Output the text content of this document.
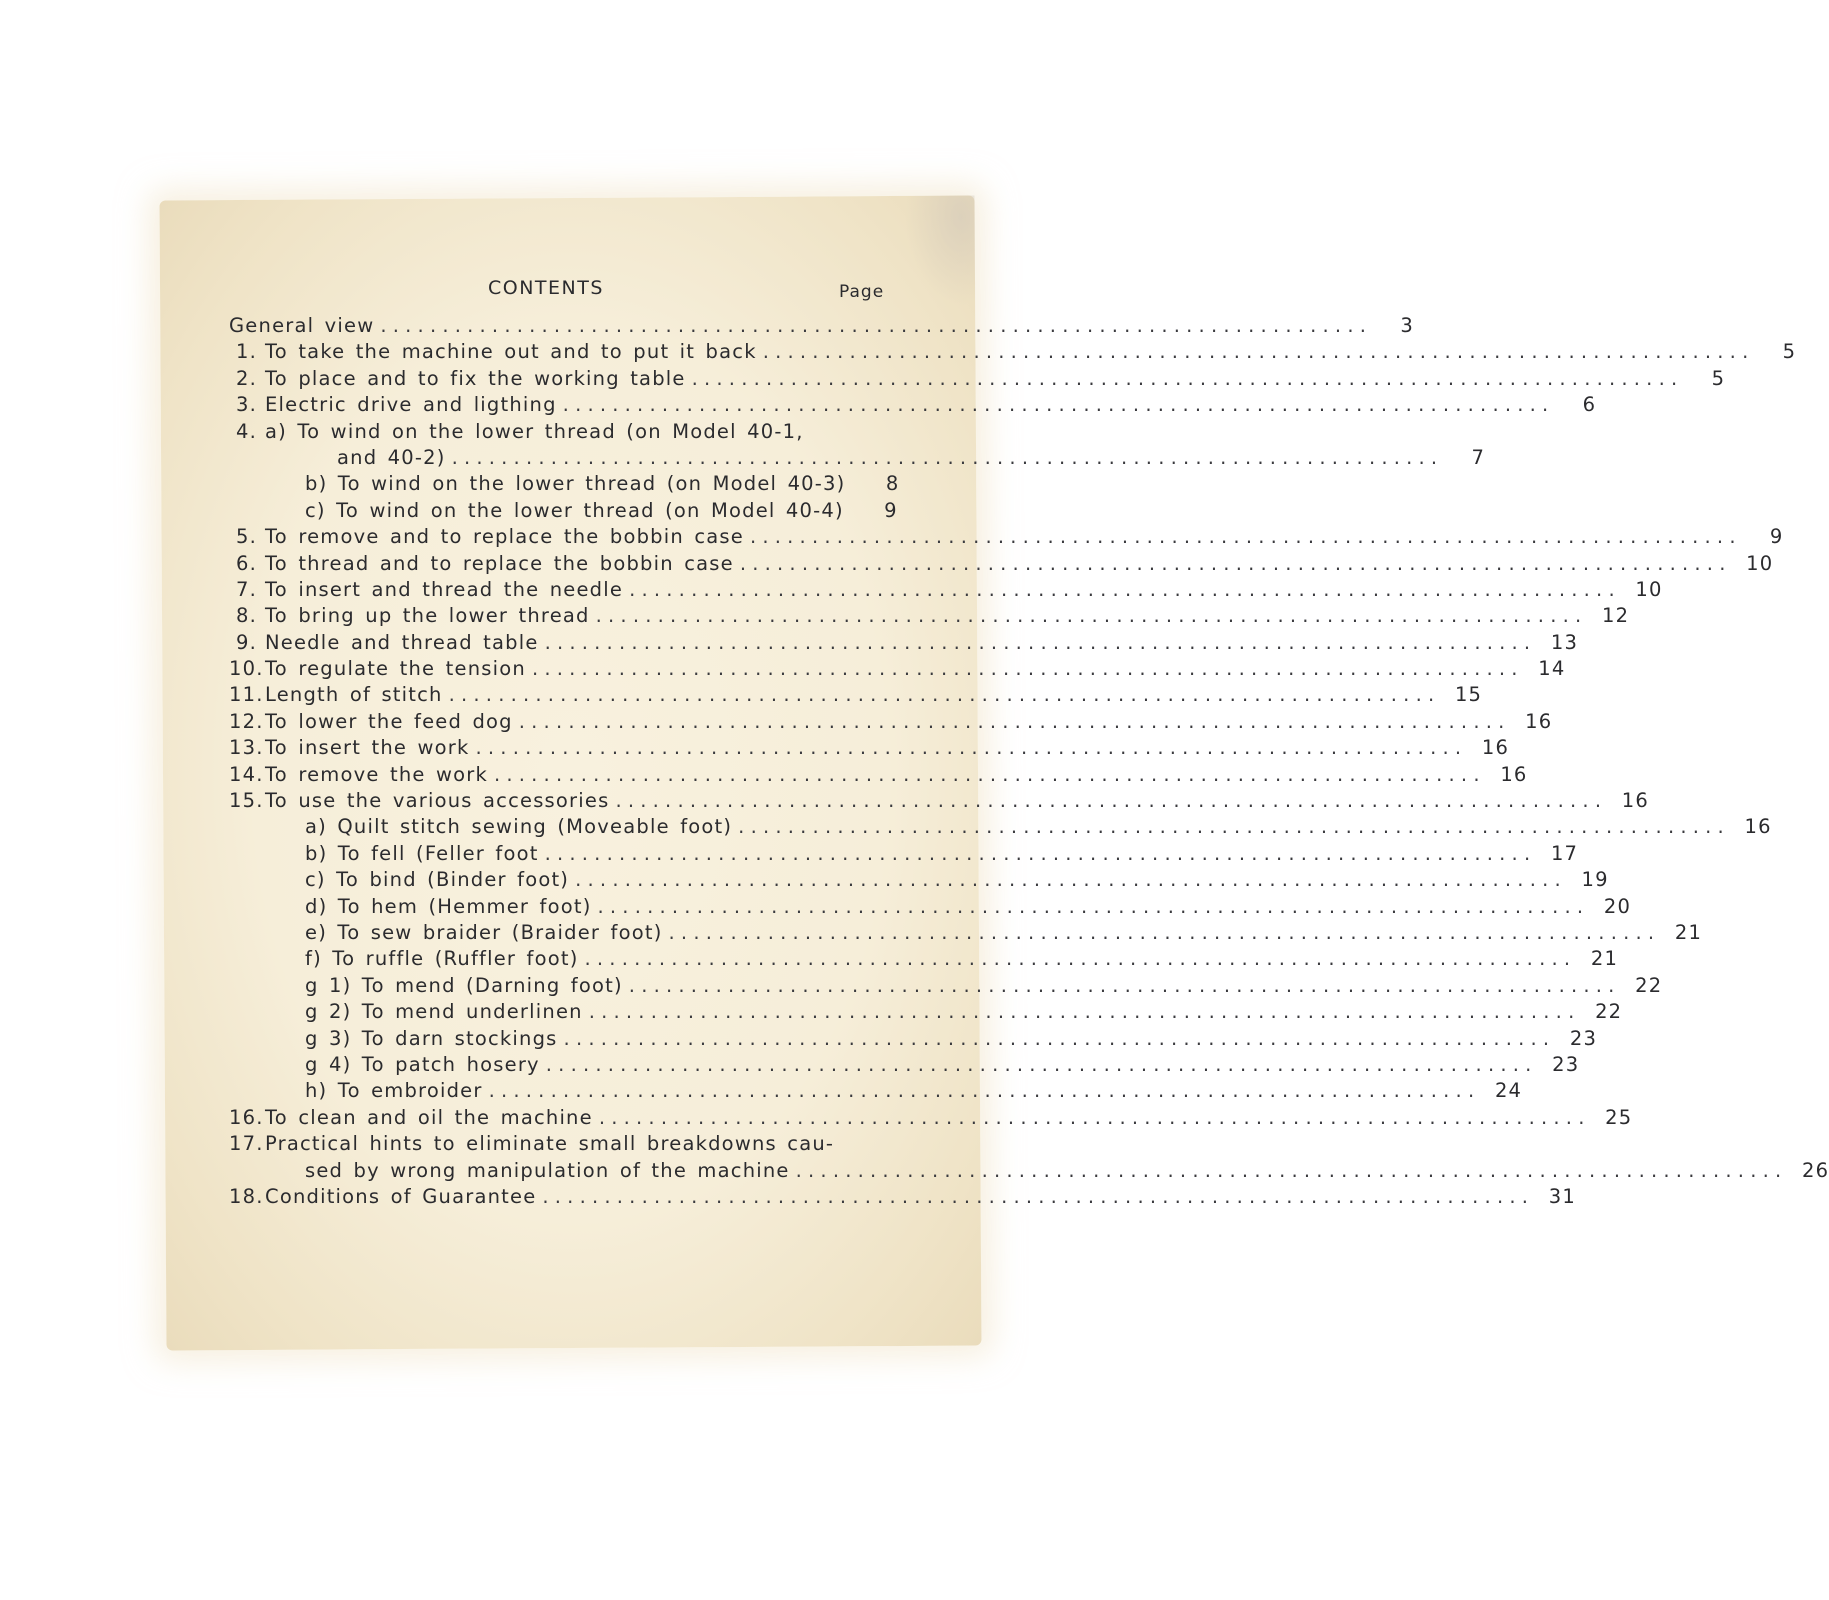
CONTENTS	Page
General view . . . . . . . . . . . . . . . . . . . . . . . . . . . . . . . . . . . . . . . . . . . . . . . . . . . . . . . . . . . . . . . . . . . . . . . . . . . . . . . .	3
1. To take the machine out and to put it back . . . . . . . . . . . . . . . . . . . . . . . . . . . . . . . . . . . . . . . . . . . . . . . . . . . . . . . . . . . . . . . . . . . . . . . . . . . . . . . .	5
2. To place and to fix the working table . . . . . . . . . . . . . . . . . . . . . . . . . . . . . . . . . . . . . . . . . . . . . . . . . . . . . . . . . . . . . . . . . . . . . . . . . . . . . . . .	5
3. Electric drive and ligthing . . . . . . . . . . . . . . . . . . . . . . . . . . . . . . . . . . . . . . . . . . . . . . . . . . . . . . . . . . . . . . . . . . . . . . . . . . . . . . . .	6
4. a) To wind on the lower thread (on Model 40-1,
and 40-2) . . . . . . . . . . . . . . . . . . . . . . . . . . . . . . . . . . . . . . . . . . . . . . . . . . . . . . . . . . . . . . . . . . . . . . . . . . . . . . . .	7
b) To wind on the lower thread (on Model 40-3)	8
c) To wind on the lower thread (on Model 40-4)	9
5. To remove and to replace the bobbin case . . . . . . . . . . . . . . . . . . . . . . . . . . . . . . . . . . . . . . . . . . . . . . . . . . . . . . . . . . . . . . . . . . . . . . . . . . . . . . . .	9
6. To thread and to replace the bobbin case . . . . . . . . . . . . . . . . . . . . . . . . . . . . . . . . . . . . . . . . . . . . . . . . . . . . . . . . . . . . . . . . . . . . . . . . . . . . . . . .	10
7. To insert and thread the needle . . . . . . . . . . . . . . . . . . . . . . . . . . . . . . . . . . . . . . . . . . . . . . . . . . . . . . . . . . . . . . . . . . . . . . . . . . . . . . . .	10
8. To bring up the lower thread . . . . . . . . . . . . . . . . . . . . . . . . . . . . . . . . . . . . . . . . . . . . . . . . . . . . . . . . . . . . . . . . . . . . . . . . . . . . . . . .	12
9. Needle and thread table . . . . . . . . . . . . . . . . . . . . . . . . . . . . . . . . . . . . . . . . . . . . . . . . . . . . . . . . . . . . . . . . . . . . . . . . . . . . . . . .	13
10. To regulate the tension . . . . . . . . . . . . . . . . . . . . . . . . . . . . . . . . . . . . . . . . . . . . . . . . . . . . . . . . . . . . . . . . . . . . . . . . . . . . . . . .	14
11. Length of stitch . . . . . . . . . . . . . . . . . . . . . . . . . . . . . . . . . . . . . . . . . . . . . . . . . . . . . . . . . . . . . . . . . . . . . . . . . . . . . . . .	15
12. To lower the feed dog . . . . . . . . . . . . . . . . . . . . . . . . . . . . . . . . . . . . . . . . . . . . . . . . . . . . . . . . . . . . . . . . . . . . . . . . . . . . . . . .	16
13. To insert the work . . . . . . . . . . . . . . . . . . . . . . . . . . . . . . . . . . . . . . . . . . . . . . . . . . . . . . . . . . . . . . . . . . . . . . . . . . . . . . . .	16
14. To remove the work . . . . . . . . . . . . . . . . . . . . . . . . . . . . . . . . . . . . . . . . . . . . . . . . . . . . . . . . . . . . . . . . . . . . . . . . . . . . . . . .	16
15. To use the various accessories . . . . . . . . . . . . . . . . . . . . . . . . . . . . . . . . . . . . . . . . . . . . . . . . . . . . . . . . . . . . . . . . . . . . . . . . . . . . . . . .	16
a) Quilt stitch sewing (Moveable foot) . . . . . . . . . . . . . . . . . . . . . . . . . . . . . . . . . . . . . . . . . . . . . . . . . . . . . . . . . . . . . . . . . . . . . . . . . . . . . . . .	16
b) To fell (Feller foot . . . . . . . . . . . . . . . . . . . . . . . . . . . . . . . . . . . . . . . . . . . . . . . . . . . . . . . . . . . . . . . . . . . . . . . . . . . . . . . .	17
c) To bind (Binder foot) . . . . . . . . . . . . . . . . . . . . . . . . . . . . . . . . . . . . . . . . . . . . . . . . . . . . . . . . . . . . . . . . . . . . . . . . . . . . . . . .	19
d) To hem (Hemmer foot) . . . . . . . . . . . . . . . . . . . . . . . . . . . . . . . . . . . . . . . . . . . . . . . . . . . . . . . . . . . . . . . . . . . . . . . . . . . . . . . .	20
e) To sew braider (Braider foot) . . . . . . . . . . . . . . . . . . . . . . . . . . . . . . . . . . . . . . . . . . . . . . . . . . . . . . . . . . . . . . . . . . . . . . . . . . . . . . . .	21
f) To ruffle (Ruffler foot) . . . . . . . . . . . . . . . . . . . . . . . . . . . . . . . . . . . . . . . . . . . . . . . . . . . . . . . . . . . . . . . . . . . . . . . . . . . . . . . .	21
g 1) To mend (Darning foot) . . . . . . . . . . . . . . . . . . . . . . . . . . . . . . . . . . . . . . . . . . . . . . . . . . . . . . . . . . . . . . . . . . . . . . . . . . . . . . . .	22
g 2) To mend underlinen . . . . . . . . . . . . . . . . . . . . . . . . . . . . . . . . . . . . . . . . . . . . . . . . . . . . . . . . . . . . . . . . . . . . . . . . . . . . . . . .	22
g 3) To darn stockings . . . . . . . . . . . . . . . . . . . . . . . . . . . . . . . . . . . . . . . . . . . . . . . . . . . . . . . . . . . . . . . . . . . . . . . . . . . . . . . .	23
g 4) To patch hosery . . . . . . . . . . . . . . . . . . . . . . . . . . . . . . . . . . . . . . . . . . . . . . . . . . . . . . . . . . . . . . . . . . . . . . . . . . . . . . . .	23
h) To embroider . . . . . . . . . . . . . . . . . . . . . . . . . . . . . . . . . . . . . . . . . . . . . . . . . . . . . . . . . . . . . . . . . . . . . . . . . . . . . . . .	24
16. To clean and oil the machine . . . . . . . . . . . . . . . . . . . . . . . . . . . . . . . . . . . . . . . . . . . . . . . . . . . . . . . . . . . . . . . . . . . . . . . . . . . . . . . .	25
17. Practical hints to eliminate small breakdowns cau-
sed by wrong manipulation of the machine . . . . . . . . . . . . . . . . . . . . . . . . . . . . . . . . . . . . . . . . . . . . . . . . . . . . . . . . . . . . . . . . . . . . . . . . . . . . . . . .	26
18. Conditions of Guarantee . . . . . . . . . . . . . . . . . . . . . . . . . . . . . . . . . . . . . . . . . . . . . . . . . . . . . . . . . . . . . . . . . . . . . . . . . . . . . . . .	31
